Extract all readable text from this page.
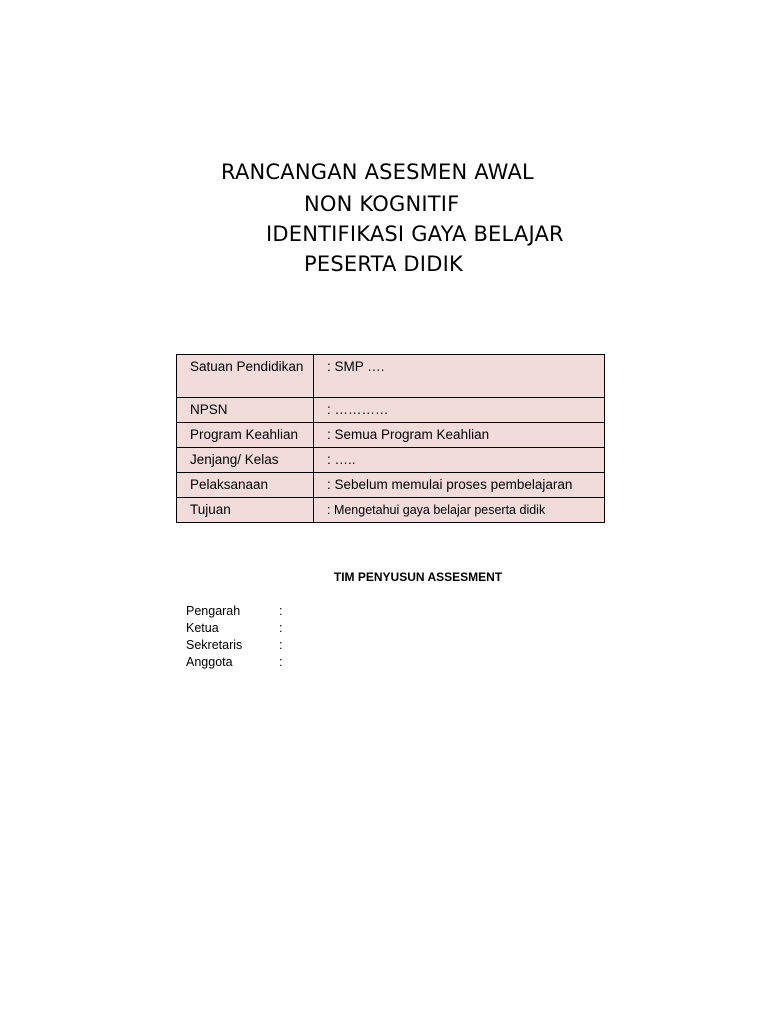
RANCANGAN ASESMEN AWAL
NON KOGNITIF
IDENTIFIKASI GAYA BELAJAR
PESERTA DIDIK
Satuan Pendidikan	: SMP ….
NPSN	: …………
Program Keahlian	: Semua Program Keahlian
Jenjang/ Kelas	: …..
Pelaksanaan	: Sebelum memulai proses pembelajaran
Tujuan	: Mengetahui gaya belajar peserta didik
TIM PENYUSUN ASSESMENT
Pengarah	:
Ketua	:
Sekretaris	:
Anggota	:
